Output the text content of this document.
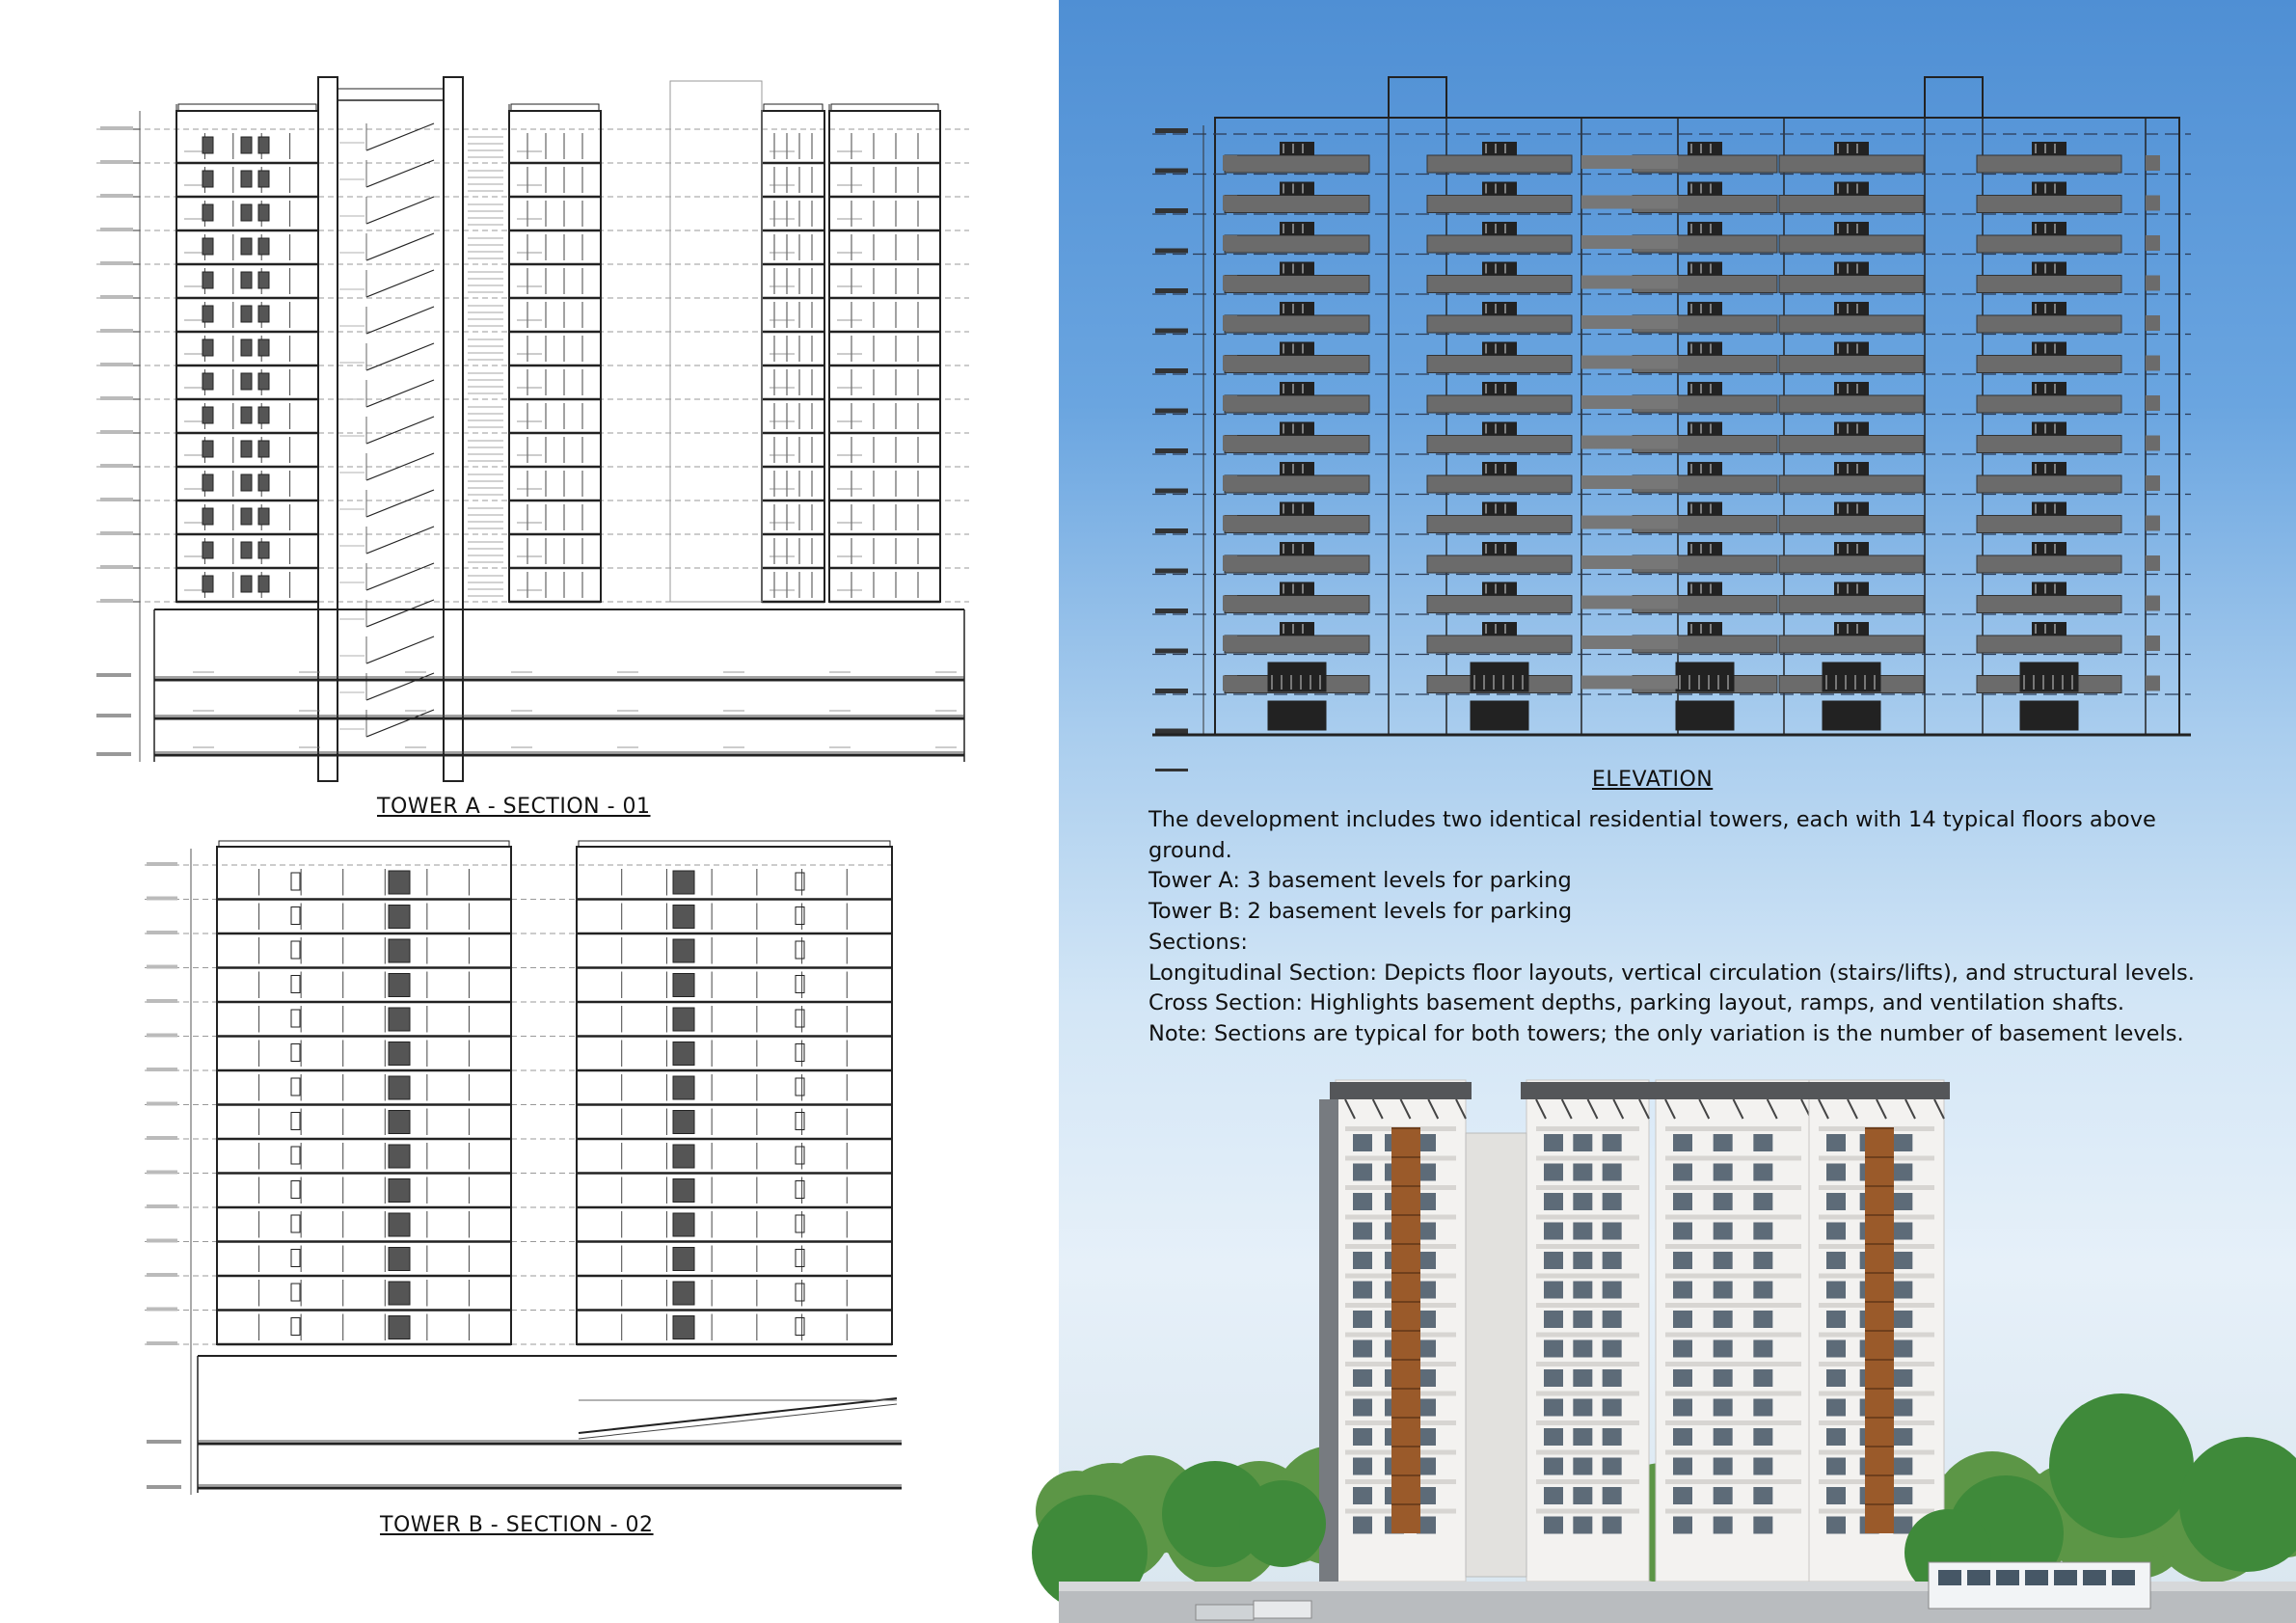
TOWER A - SECTION - 01
TOWER B - SECTION - 02
ELEVATION
The development includes two identical residential towers, each with 14 typical floors above ground.
Tower A: 3 basement levels for parking
Tower B: 2 basement levels for parking
Sections:
Longitudinal Section: Depicts floor layouts, vertical circulation (stairs/lifts), and structural levels.
Cross Section: Highlights basement depths, parking layout, ramps, and ventilation shafts.
Note: Sections are typical for both towers; the only variation is the number of basement levels.
